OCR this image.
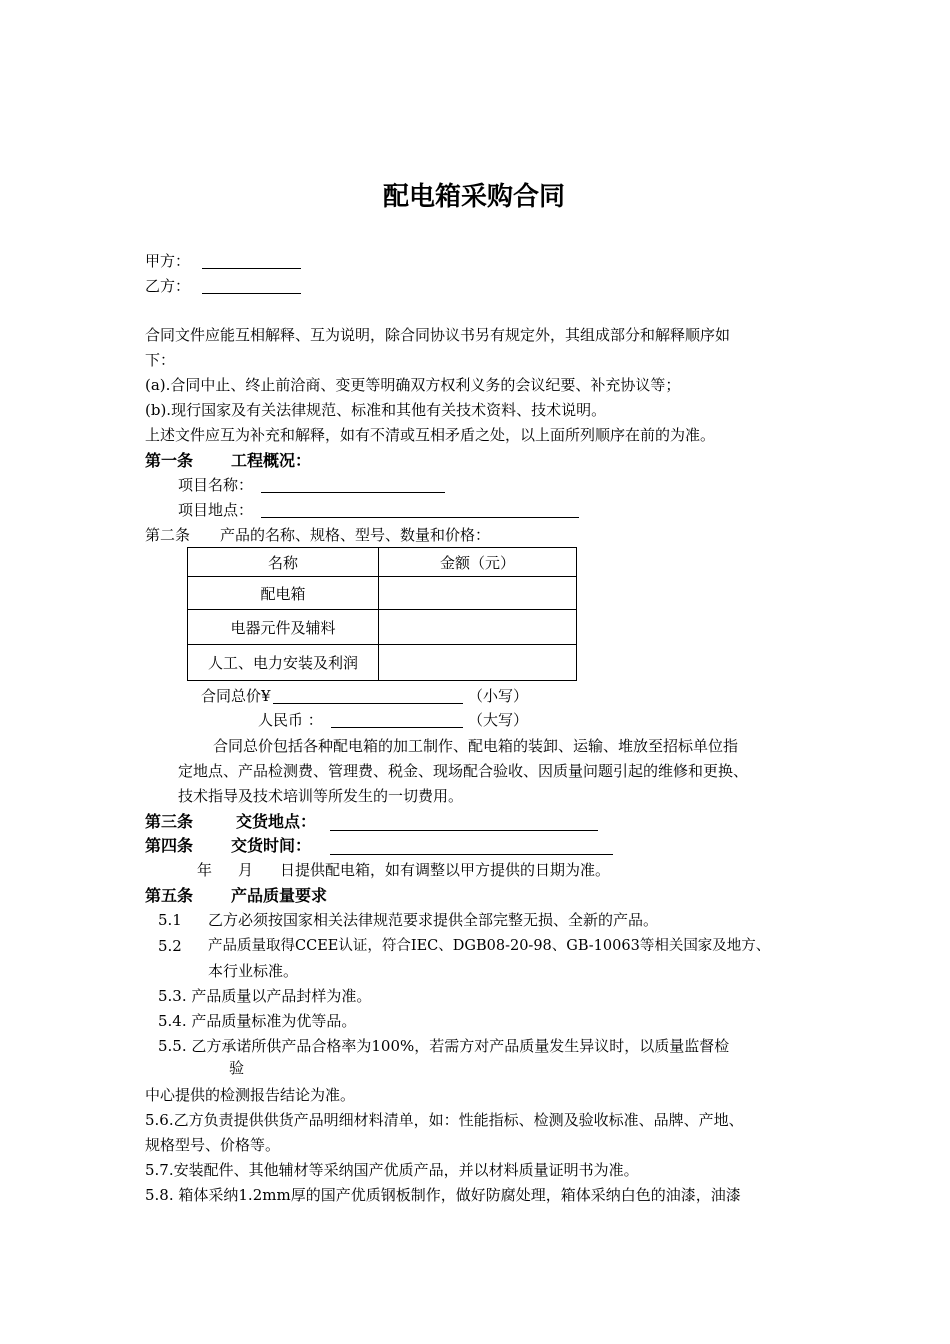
配电箱采购合同
甲方：
乙方：
合同文件应能互相解释、互为说明，除合同协议书另有规定外，其组成部分和解释顺序如
下：
(a).合同中止、终止前洽商、变更等明确双方权利义务的会议纪要、补充协议等；
(b).现行国家及有关法律规范、标准和其他有关技术资料、技术说明。
上述文件应互为补充和解释，如有不清或互相矛盾之处，以上面所列顺序在前的为准。
第一条 工程概况：
项目名称：
项目地点：
第二条 产品的名称、规格、型号、数量和价格：
名称	金额（元）
配电箱	
电器元件及辅料	
人工、电力安装及利润	
合同总价¥	（小写）
人民币 ：	（大写）
合同总价包括各种配电箱的加工制作、配电箱的装卸、运输、堆放至招标单位指
定地点、产品检测费、管理费、税金、现场配合验收、因质量问题引起的维修和更换、
技术指导及技术培训等所发生的一切费用。
第三条	交货地点：
第四条 交货时间：
年 月 日提供配电箱，如有调整以甲方提供的日期为准。
第五条 产品质量要求
5.1 乙方必须按国家相关法律规范要求提供全部完整无损、全新的产品。
5.2 产品质量取得CCEE认证，符合IEC、DGB08-20-98、GB-10063等相关国家及地方、
本行业标准。
5.3. 产品质量以产品封样为准。
5.4. 产品质量标准为优等品。
5.5. 乙方承诺所供产品合格率为100%，若需方对产品质量发生异议时，以质量监督检
验
中心提供的检测报告结论为准。
5.6.乙方负责提供供货产品明细材料清单，如：性能指标、检测及验收标准、品牌、产地、
规格型号、价格等。
5.7.安装配件、其他辅材等采纳国产优质产品，并以材料质量证明书为准。
5.8. 箱体采纳1.2mm厚的国产优质钢板制作，做好防腐处理，箱体采纳白色的油漆，油漆
